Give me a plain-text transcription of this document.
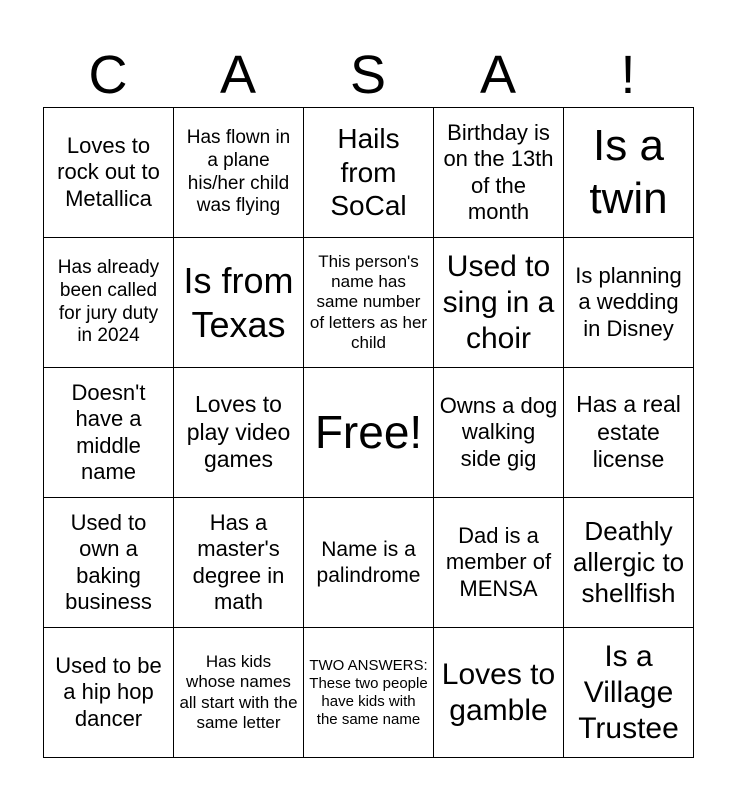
C	A	S	A	!
Loves to rock out to Metallica	Has flown in a plane his/her child was flying	Hails from SoCal	Birthday is on the 13th of the month	Is a twin
Has already been called for jury duty in 2024	Is from Texas	This person's name has same number of letters as her child	Used to sing in a choir	Is planning a wedding in Disney
Doesn't have a middle name	Loves to play video games	Free!	Owns a dog walking side gig	Has a real estate license
Used to own a baking business	Has a master's degree in math	Name is a palindrome	Dad is a member of MENSA	Deathly allergic to shellfish
Used to be a hip hop dancer	Has kids whose names all start with the same letter	TWO ANSWERS: These two people have kids with the same name	Loves to gamble	Is a Village Trustee
